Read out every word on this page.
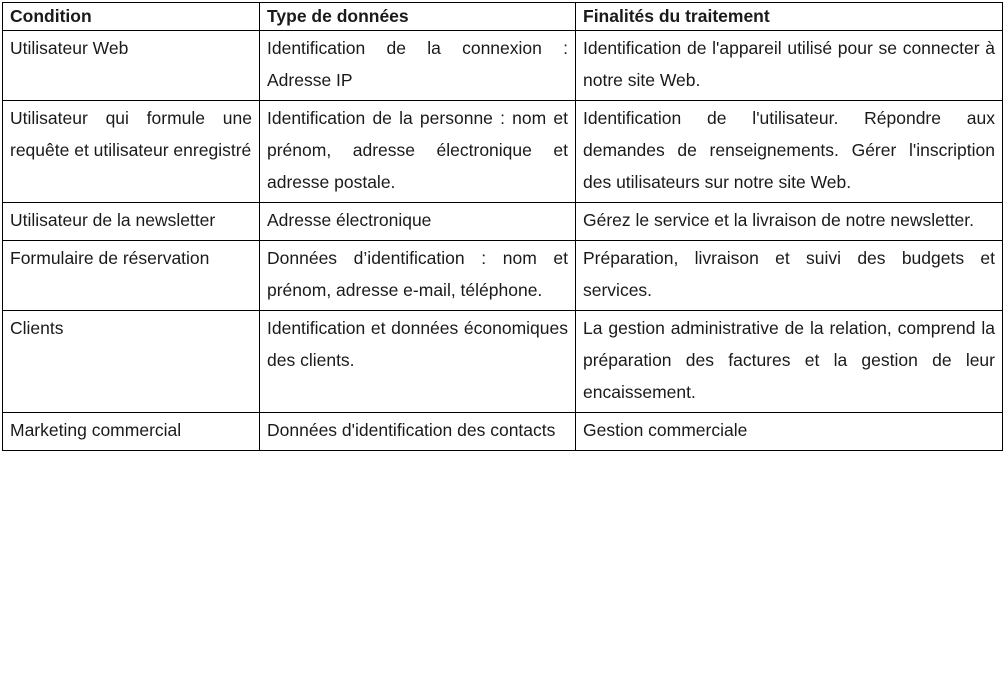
Condition	Type de données	Finalités du traitement
Utilisateur Web	Identification de la connexion : Adresse IP	Identification de l'appareil utilisé pour se connecter à notre site Web.
Utilisateur qui formule une requête et utilisateur enregistré	Identification de la personne : nom et prénom, adresse électronique et adresse postale.	Identification de l'utilisateur. Répondre aux demandes de renseignements. Gérer l'inscription des utilisateurs sur notre site Web.
Utilisateur de la newsletter	Adresse électronique	Gérez le service et la livraison de notre newsletter.
Formulaire de réservation	Données d’identification : nom et prénom, adresse e-mail, téléphone.	Préparation, livraison et suivi des budgets et services.
Clients	Identification et données économiques des clients.	La gestion administrative de la relation, comprend la préparation des factures et la gestion de leur encaissement.
Marketing commercial	Données d'identification des contacts	Gestion commerciale
